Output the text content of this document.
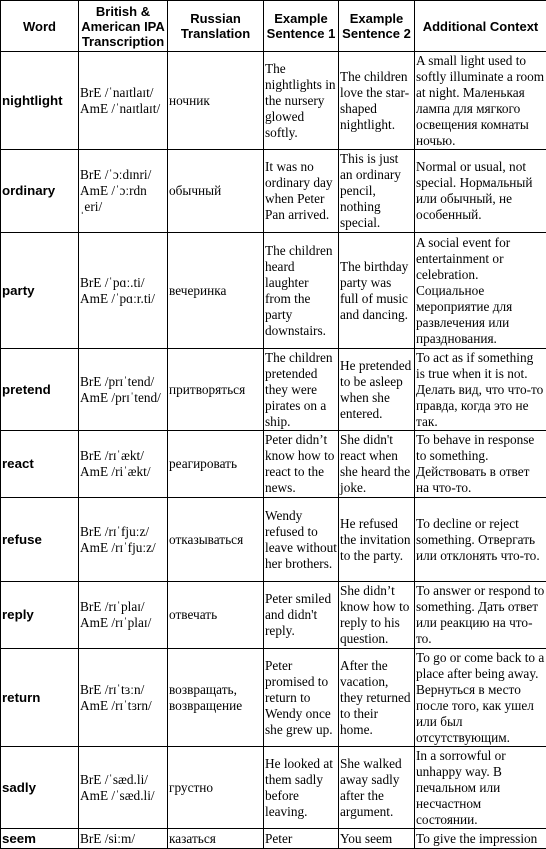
Word	British & American IPA Transcription	Russian Translation	Example Sentence 1	Example Sentence 2	Additional Context
nightlight	BrE /ˈnaɪtlaɪt/ AmE /ˈnaɪtlaɪt/	ночник	The nightlights in the nursery glowed softly.	The children love the star-shaped nightlight.	A small light used to softly illuminate a room at night. Маленькая лампа для мягкого освещения комнаты ночью.
ordinary	BrE /ˈɔːdɪnri/ AmE /ˈɔːrdn ˌeri/	обычный	It was no ordinary day when Peter Pan arrived.	This is just an ordinary pencil, nothing special.	Normal or usual, not special. Нормальный или обычный, не особенный.
party	BrE /ˈpɑː.ti/ AmE /ˈpɑːr.ti/	вечеринка	The children heard laughter from the party downstairs.	The birthday party was full of music and dancing.	A social event for entertainment or celebration. Социальное мероприятие для развлечения или празднования.
pretend	BrE /prɪˈtend/ AmE /prɪˈtend/	притворяться	The children pretended they were pirates on a ship.	He pretended to be asleep when she entered.	To act as if something is true when it is not. Делать вид, что что-то правда, когда это не так.
react	BrE /rɪˈækt/ AmE /riˈækt/	реагировать	Peter didn’t know how to react to the news.	She didn't react when she heard the joke.	To behave in response to something. Действовать в ответ на что-то.
refuse	BrE /rɪˈfjuːz/ AmE /rɪˈfjuːz/	отказываться	Wendy refused to leave without her brothers.	He refused the invitation to the party.	To decline or reject something. Отвергать или отклонять что-то.
reply	BrE /rɪˈplaɪ/ AmE /rɪˈplaɪ/	отвечать	Peter smiled and didn't reply.	She didn’t know how to reply to his question.	To answer or respond to something. Дать ответ или реакцию на что-то.
return	BrE /rɪˈtɜːn/ AmE /rɪˈtɜrn/	возвращать, возвращение	Peter promised to return to Wendy once she grew up.	After the vacation, they returned to their home.	To go or come back to a place after being away. Вернуться в место после того, как ушел или был отсутствующим.
sadly	BrE /ˈsæd.li/ AmE /ˈsæd.li/	грустно	He looked at them sadly before leaving.	She walked away sadly after the argument.	In a sorrowful or unhappy way. В печальном или несчастном состоянии.
seem	BrE /siːm/	казаться	Peter	You seem	To give the impression
